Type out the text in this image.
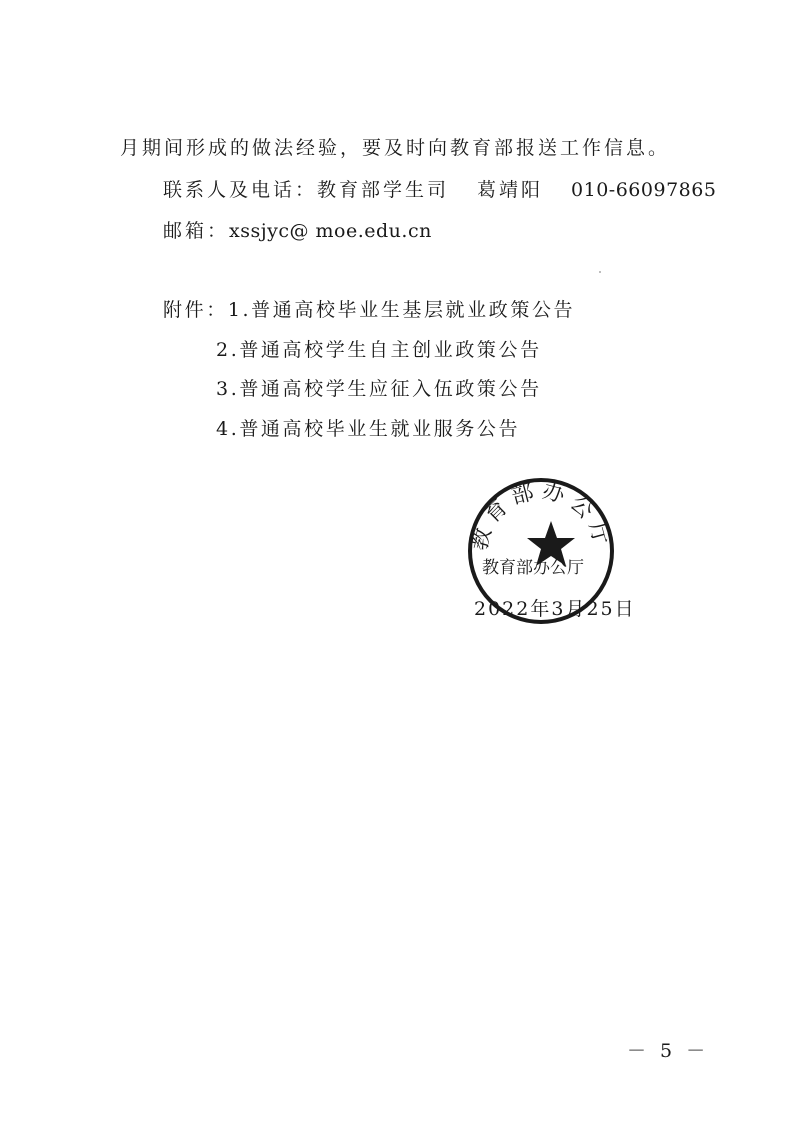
月期间形成的做法经验，要及时向教育部报送工作信息。
联系人及电话：教育部学生司 葛靖阳 010-66097865
邮箱：xssjyc@ moe.edu.cn
附件：1.普通高校毕业生基层就业政策公告
2.普通高校学生自主创业政策公告
3.普通高校学生应征入伍政策公告
4.普通高校毕业生就业服务公告
教育部办公厅
教育部办公厅
2022年3月25日
－ 5 －
